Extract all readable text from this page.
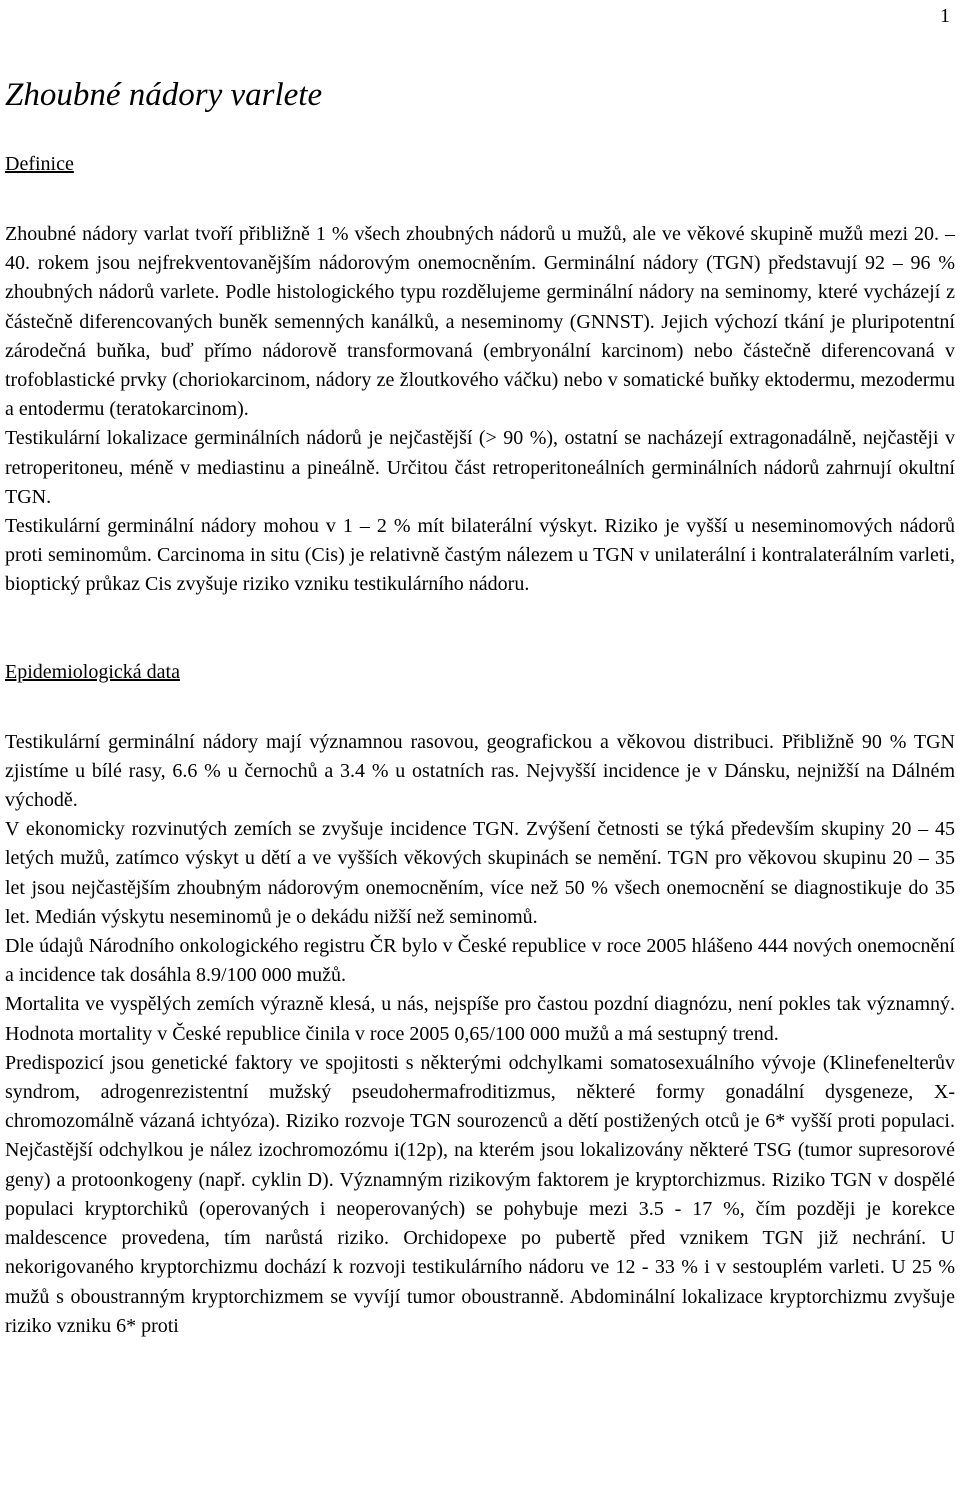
1
Zhoubné nádory varlete
Definice

Zhoubné nádory varlat tvoří přibližně 1 % všech zhoubných nádorů u mužů, ale ve věkové skupině mužů mezi 20. – 40. rokem jsou nejfrekventovanějším nádorovým onemocněním. Germinální nádory (TGN) představují 92 – 96 % zhoubných nádorů varlete. Podle histologického typu rozdělujeme germinální nádory na seminomy, které vycházejí z částečně diferencovaných buněk semenných kanálků, a neseminomy (GNNST). Jejich výchozí tkání je pluripotentní zárodečná buňka, buď přímo nádorově transformovaná (embryonální karcinom) nebo částečně diferencovaná v trofoblastické prvky (choriokarcinom, nádory ze žloutkového váčku) nebo v somatické buňky ektodermu, mezodermu a entodermu (teratokarcinom).

Testikulární lokalizace germinálních nádorů je nejčastější (> 90 %), ostatní se nacházejí extragonadálně, nejčastěji v retroperitoneu, méně v mediastinu a pineálně. Určitou část retroperitoneálních germinálních nádorů zahrnují okultní TGN.

Testikulární germinální nádory mohou v 1 – 2 % mít bilaterální výskyt. Riziko je vyšší u neseminomových nádorů proti seminomům. Carcinoma in situ (Cis) je relativně častým nálezem u TGN v unilaterální i kontralaterálním varleti, bioptický průkaz Cis zvyšuje riziko vzniku testikulárního nádoru.

Epidemiologická data

Testikulární germinální nádory mají významnou rasovou, geografickou a věkovou distribuci. Přibližně 90 % TGN zjistíme u bílé rasy, 6.6 % u černochů a 3.4 % u ostatních ras. Nejvyšší incidence je v Dánsku, nejnižší na Dálném východě.

V ekonomicky rozvinutých zemích se zvyšuje incidence TGN. Zvýšení četnosti se týká především skupiny 20 – 45 letých mužů, zatímco výskyt u dětí a ve vyšších věkových skupinách se nemění. TGN pro věkovou skupinu 20 – 35 let jsou nejčastějším zhoubným nádorovým onemocněním, více než 50 % všech onemocnění se diagnostikuje do 35 let. Medián výskytu neseminomů je o dekádu nižší než seminomů.

Dle údajů Národního onkologického registru ČR bylo v České republice v roce 2005 hlášeno 444 nových onemocnění a incidence tak dosáhla 8.9/100 000 mužů.

Mortalita ve vyspělých zemích výrazně klesá, u nás, nejspíše pro častou pozdní diagnózu, není pokles tak významný. Hodnota mortality v České republice činila v roce 2005 0,65/100 000 mužů a má sestupný trend.

Predispozicí jsou genetické faktory ve spojitosti s některými odchylkami somatosexuálního vývoje (Klinefenelterův syndrom, adrogenrezistentní mužský pseudohermafroditizmus, některé formy gonadální dysgeneze, X-chromozomálně vázaná ichtyóza). Riziko rozvoje TGN sourozenců a dětí postižených otců je 6* vyšší proti populaci. Nejčastější odchylkou je nález izochromozómu i(12p), na kterém jsou lokalizovány některé TSG (tumor supresorové geny) a protoonkogeny (např. cyklin D). Významným rizikovým faktorem je kryptorchizmus. Riziko TGN v dospělé populaci kryptorchiků (operovaných i neoperovaných) se pohybuje mezi 3.5 - 17 %, čím později je korekce maldescence provedena, tím narůstá riziko. Orchidopexe po pubertě před vznikem TGN již nechrání. U nekorigovaného kryptorchizmu dochází k rozvoji testikulárního nádoru ve 12 - 33 % i v sestouplém varleti. U 25 % mužů s oboustranným kryptorchizmem se vyvíjí tumor oboustranně. Abdominální lokalizace kryptorchizmu zvyšuje riziko vzniku 6* proti
